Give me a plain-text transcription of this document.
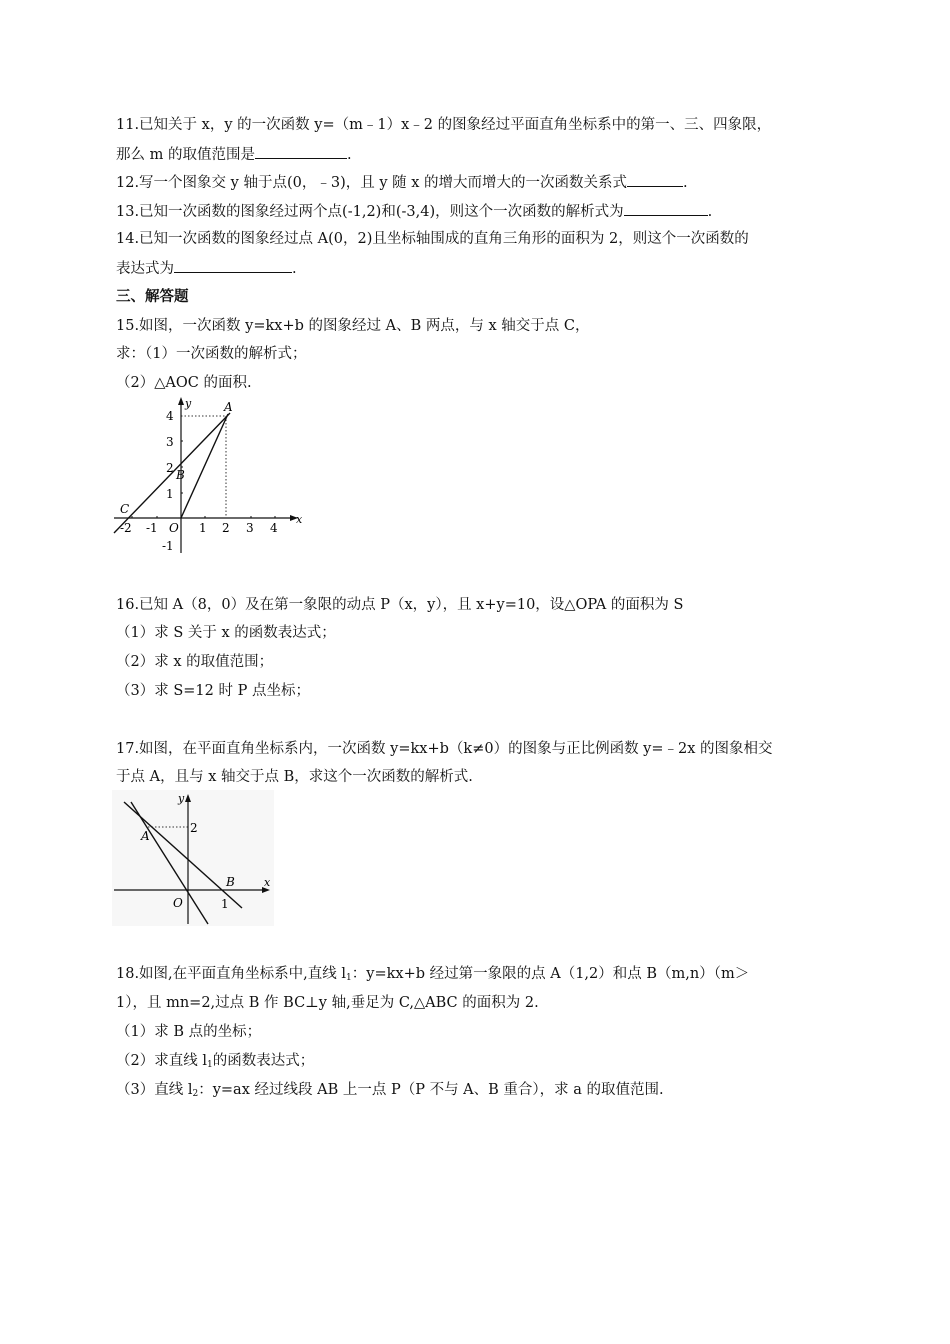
11.已知关于 x，y 的一次函数 y=（m﹣1）x﹣2 的图象经过平面直角坐标系中的第一、三、四象限，
那么 m 的取值范围是	.
12.写一个图象交 y 轴于点(0，﹣3)，且 y 随 x 的增大而增大的一次函数关系式	.
13.已知一次函数的图象经过两个点(-1,2)和(-3,4)，则这个一次函数的解析式为	.
14.已知一次函数的图象经过点 A(0，2)且坐标轴围成的直角三角形的面积为 2，则这个一次函数的
表达式为	.
三、解答题
15.如图，一次函数 y=kx+b 的图象经过 A、B 两点，与 x 轴交于点 C，
求：（1）一次函数的解析式；
（2）△AOC 的面积.
-2 -1	1 2 3 4
4
3
2
1
-1
O
x
y	A
B
C
16.已知 A（8，0）及在第一象限的动点 P（x，y），且 x+y=10，设△OPA 的面积为 S
（1）求 S 关于 x 的函数表达式；
（2）求 x 的取值范围；
（3）求 S=12 时 P 点坐标；
17.如图，在平面直角坐标系内，一次函数 y=kx+b（k≠0）的图象与正比例函数 y=﹣2x 的图象相交
于点 A，且与 x 轴交于点 B，求这个一次函数的解析式.
A
B
2
1
O
x
y
18.如图,在平面直角坐标系中,直线 $l_1$：y=kx+b 经过第一象限的点 A（1,2）和点 B（m,n）（m＞
1），且 mn=2,过点 B 作 BC⊥y 轴,垂足为 C,△ABC 的面积为 2.
（1）求 B 点的坐标；
（2）求直线 $l_1$的函数表达式；
（3）直线 $l_2$：y=ax 经过线段 AB 上一点 P（P 不与 A、B 重合），求 a 的取值范围.
